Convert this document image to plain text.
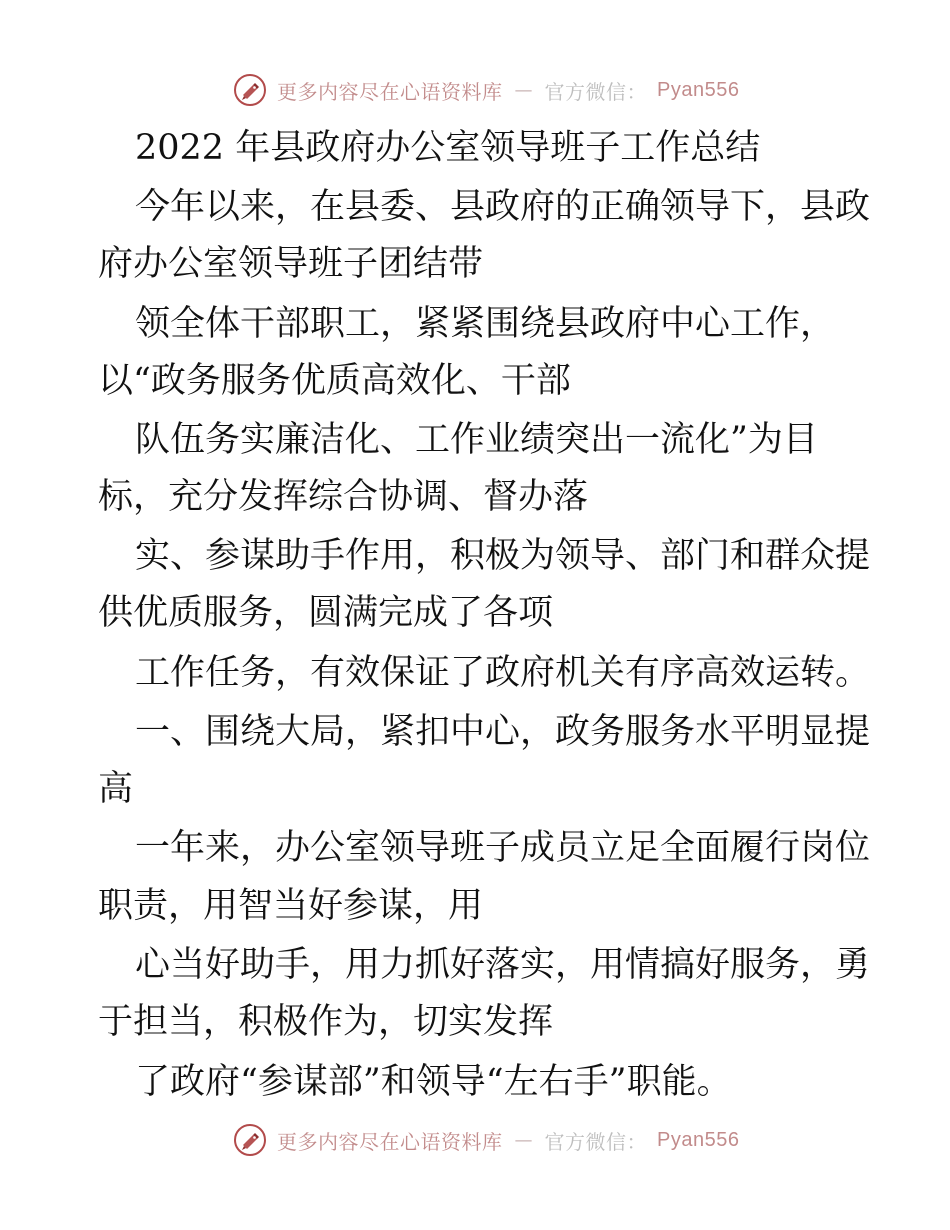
更多内容尽在心语资料库 — 官方微信： Pyan556
2022 年县政府办公室领导班子工作总结
今年以来，在县委、县政府的正确领导下，县政
府办公室领导班子团结带
领全体干部职工，紧紧围绕县政府中心工作，
以“政务服务优质高效化、干部
队伍务实廉洁化、工作业绩突出一流化”为目
标，充分发挥综合协调、督办落
实、参谋助手作用，积极为领导、部门和群众提
供优质服务，圆满完成了各项
工作任务，有效保证了政府机关有序高效运转。
一、围绕大局，紧扣中心，政务服务水平明显提
高
一年来，办公室领导班子成员立足全面履行岗位
职责，用智当好参谋，用
心当好助手，用力抓好落实，用情搞好服务，勇
于担当，积极作为，切实发挥
了政府“参谋部”和领导“左右手”职能。
更多内容尽在心语资料库 — 官方微信： Pyan556
